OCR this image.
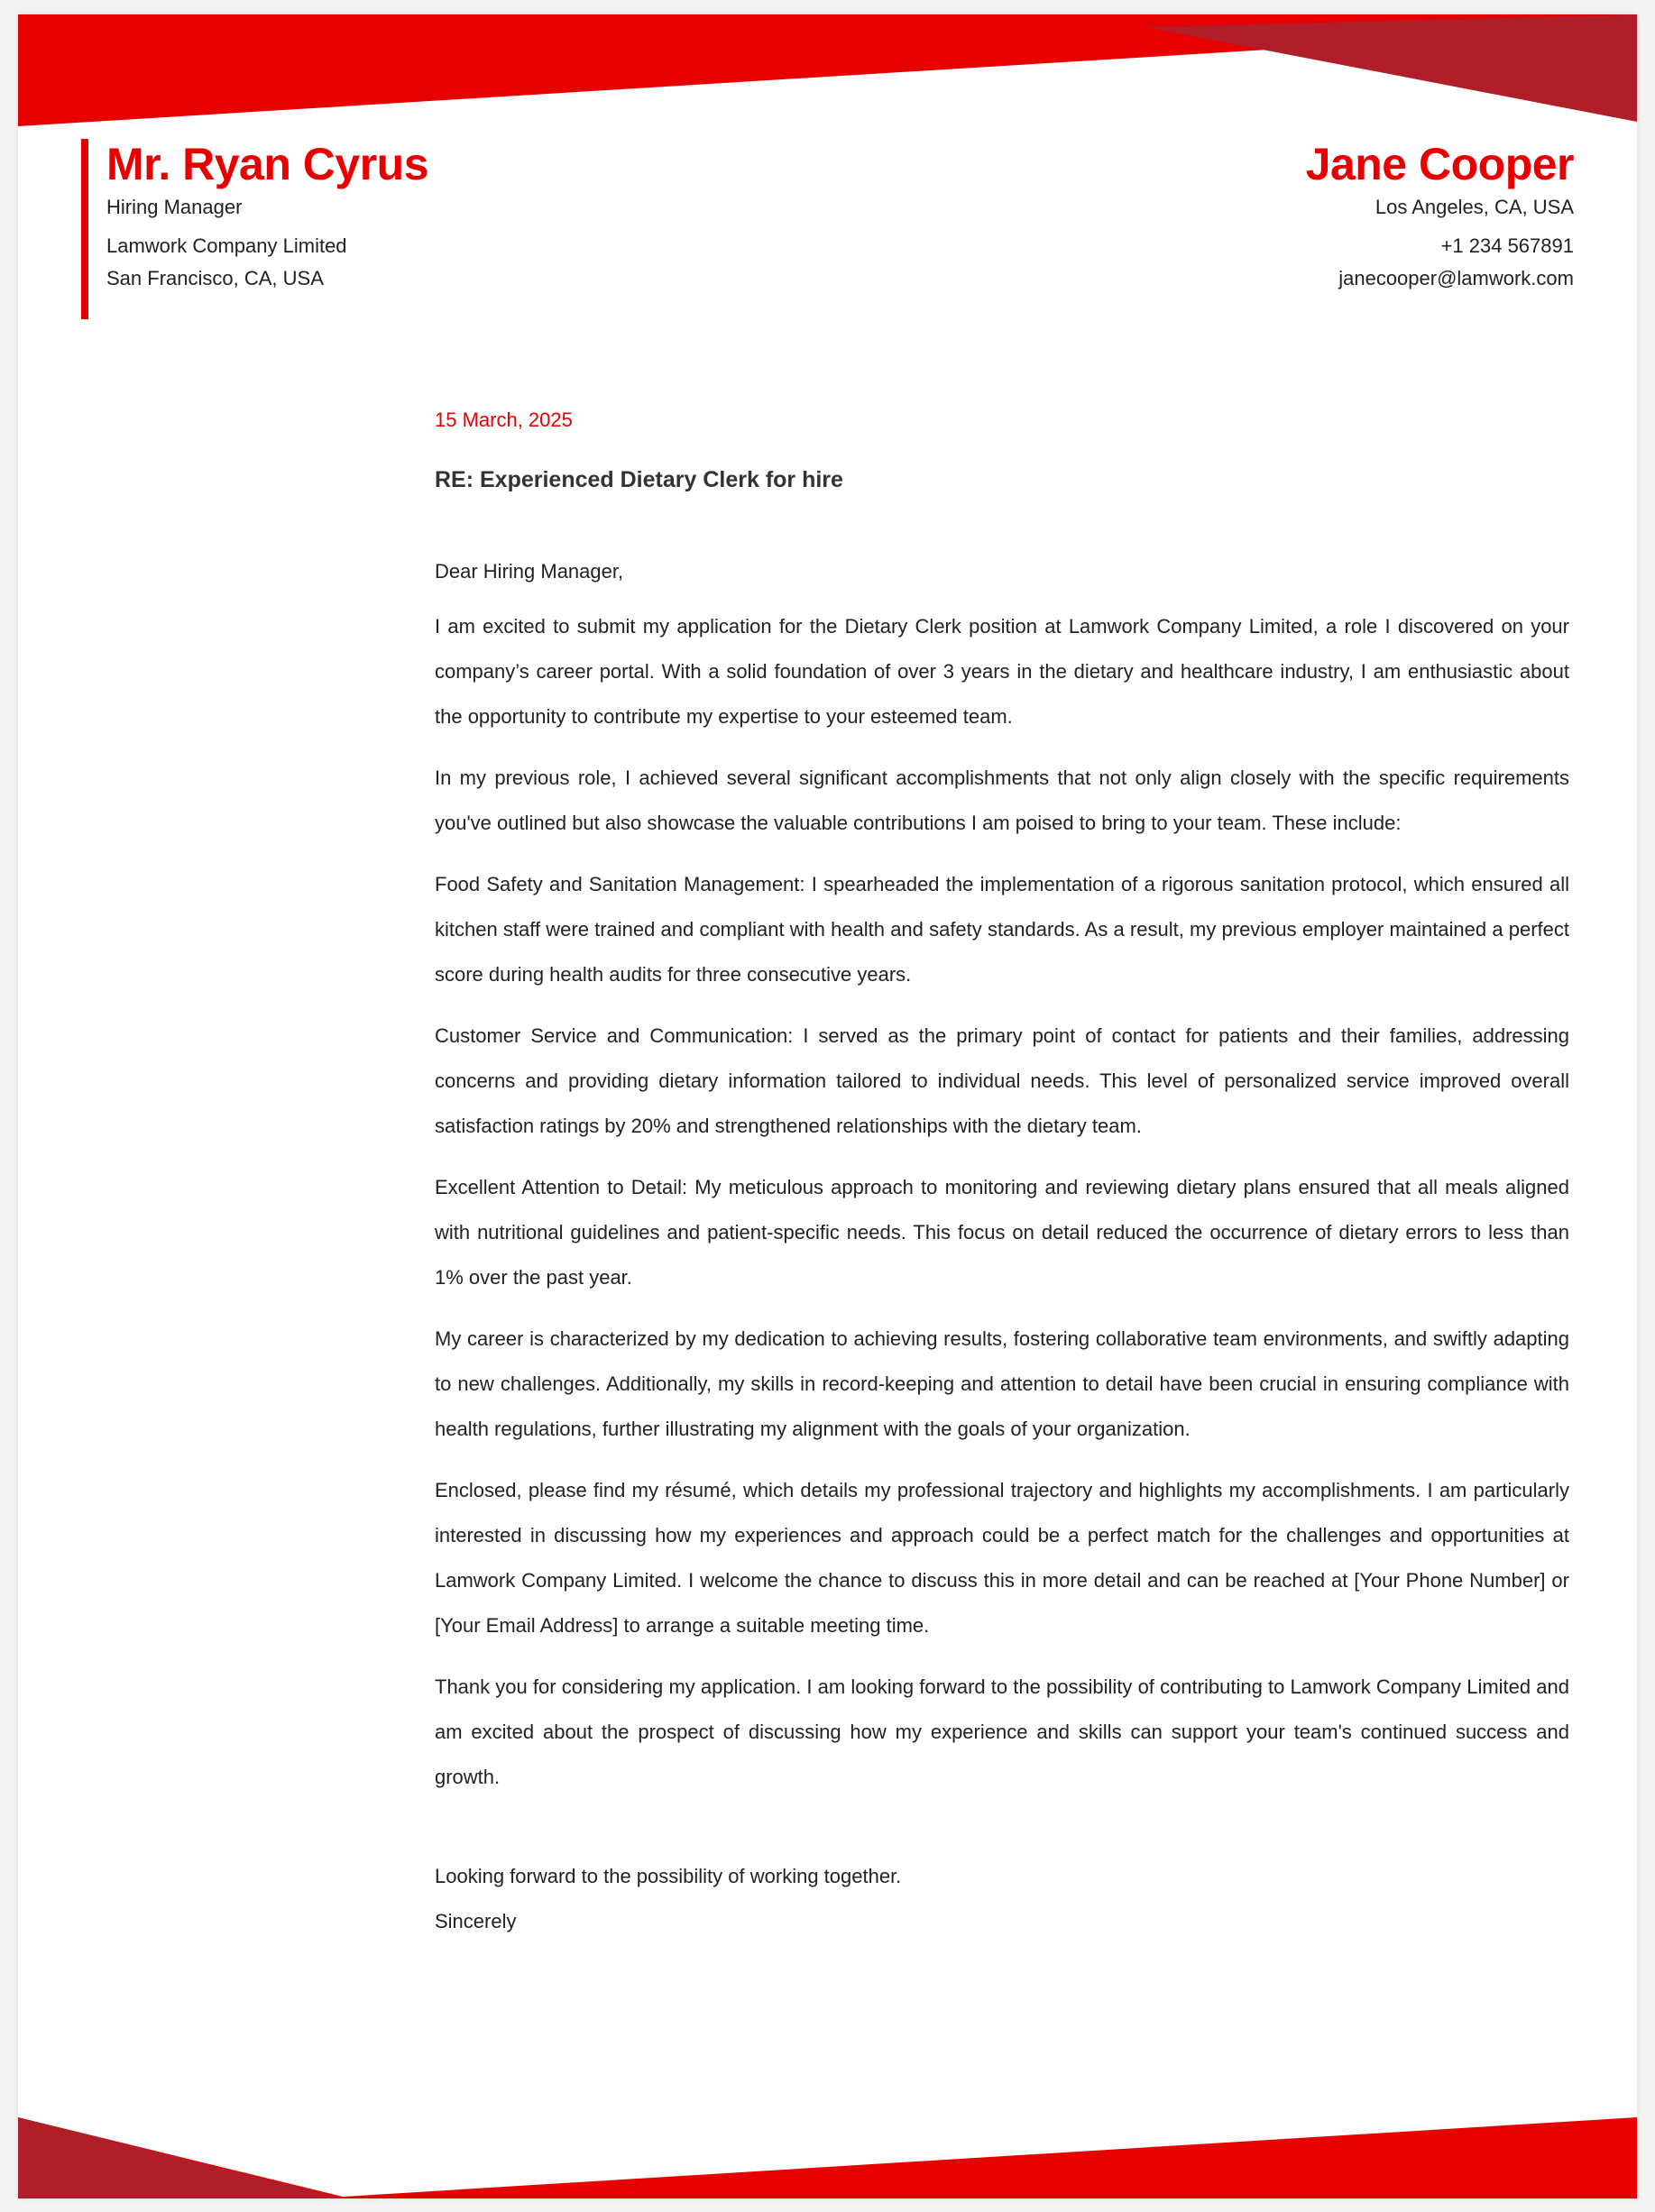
Mr. Ryan Cyrus

Hiring Manager

Lamwork Company Limited

San Francisco, CA, USA

Jane Cooper

Los Angeles, CA, USA

+1 234 567891

janecooper@lamwork.com

15 March, 2025

RE: Experienced Dietary Clerk for hire

Dear Hiring Manager,

I am excited to submit my application for the Dietary Clerk position at Lamwork Company Limited, a role I discovered on your company’s career portal. With a solid foundation of over 3 years in the dietary and healthcare industry, I am enthusiastic about the opportunity to contribute my expertise to your esteemed team.

In my previous role, I achieved several significant accomplishments that not only align closely with the specific requirements you've outlined but also showcase the valuable contributions I am poised to bring to your team. These include:

Food Safety and Sanitation Management: I spearheaded the implementation of a rigorous sanitation protocol, which ensured all kitchen staff were trained and compliant with health and safety standards. As a result, my previous employer maintained a perfect score during health audits for three consecutive years.

Customer Service and Communication: I served as the primary point of contact for patients and their families, addressing concerns and providing dietary information tailored to individual needs. This level of personalized service improved overall satisfaction ratings by 20% and strengthened relationships with the dietary team.

Excellent Attention to Detail: My meticulous approach to monitoring and reviewing dietary plans ensured that all meals aligned with nutritional guidelines and patient-specific needs. This focus on detail reduced the occurrence of dietary errors to less than 1% over the past year.

My career is characterized by my dedication to achieving results, fostering collaborative team environments, and swiftly adapting to new challenges. Additionally, my skills in record-keeping and attention to detail have been crucial in ensuring compliance with health regulations, further illustrating my alignment with the goals of your organization.

Enclosed, please find my résumé, which details my professional trajectory and highlights my accomplishments. I am particularly interested in discussing how my experiences and approach could be a perfect match for the challenges and opportunities at Lamwork Company Limited. I welcome the chance to discuss this in more detail and can be reached at [Your Phone Number] or [Your Email Address] to arrange a suitable meeting time.

Thank you for considering my application. I am looking forward to the possibility of contributing to Lamwork Company Limited and am excited about the prospect of discussing how my experience and skills can support your team's continued success and growth.

Looking forward to the possibility of working together.

Sincerely
